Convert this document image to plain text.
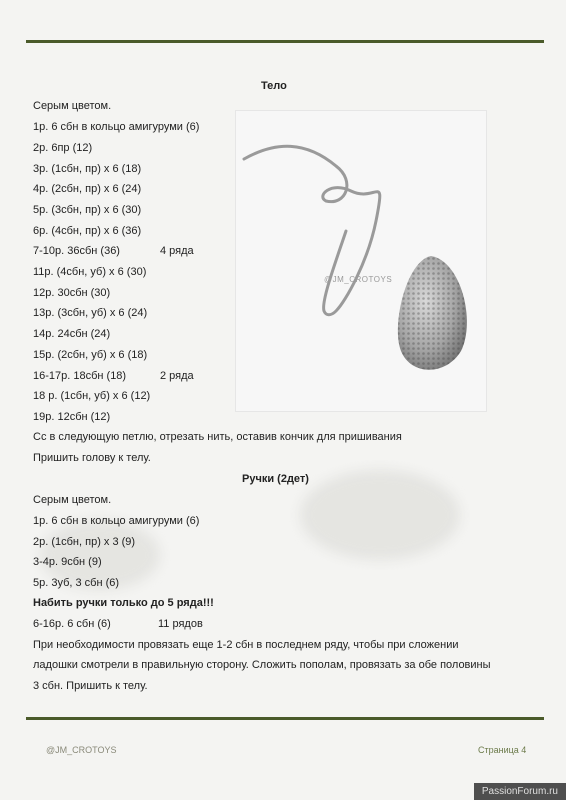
Тело
Серым цветом.
1р. 6 сбн в кольцо амигуруми (6)
2р. 6пр (12)
3р. (1сбн, пр) х 6 (18)
4р. (2сбн, пр) х 6 (24)
5р. (3сбн, пр) х 6 (30)
6р. (4сбн, пр) х 6 (36)
7-10р. 36сбн (36)	4 ряда
11р. (4сбн, уб) х 6 (30)
12р. 30сбн (30)
13р. (3сбн, уб) х 6 (24)
14р. 24сбн (24)
15р. (2сбн, уб) х 6 (18)
16-17р. 18сбн (18)	2 ряда
18 р. (1сбн, уб) х 6 (12)
19р. 12сбн (12)
Сс в следующую петлю, отрезать нить, оставив кончик для пришивания
Пришить голову к телу.
@JM_CROTOYS
Ручки (2дет)
Серым цветом.
1р. 6 сбн в кольцо амигуруми (6)
2р. (1сбн, пр) х 3 (9)
3-4р. 9сбн (9)
5р. 3уб, 3 сбн (6)
Набить ручки только до 5 ряда!!!
6-16р. 6 сбн (6)	11 рядов
При необходимости провязать еще 1-2 сбн в последнем ряду, чтобы при сложении
ладошки смотрели в правильную сторону. Сложить пополам, провязать за обе половины
3 сбн. Пришить к телу.
@JM_CROTOYS	Страница 4
PassionForum.ru
